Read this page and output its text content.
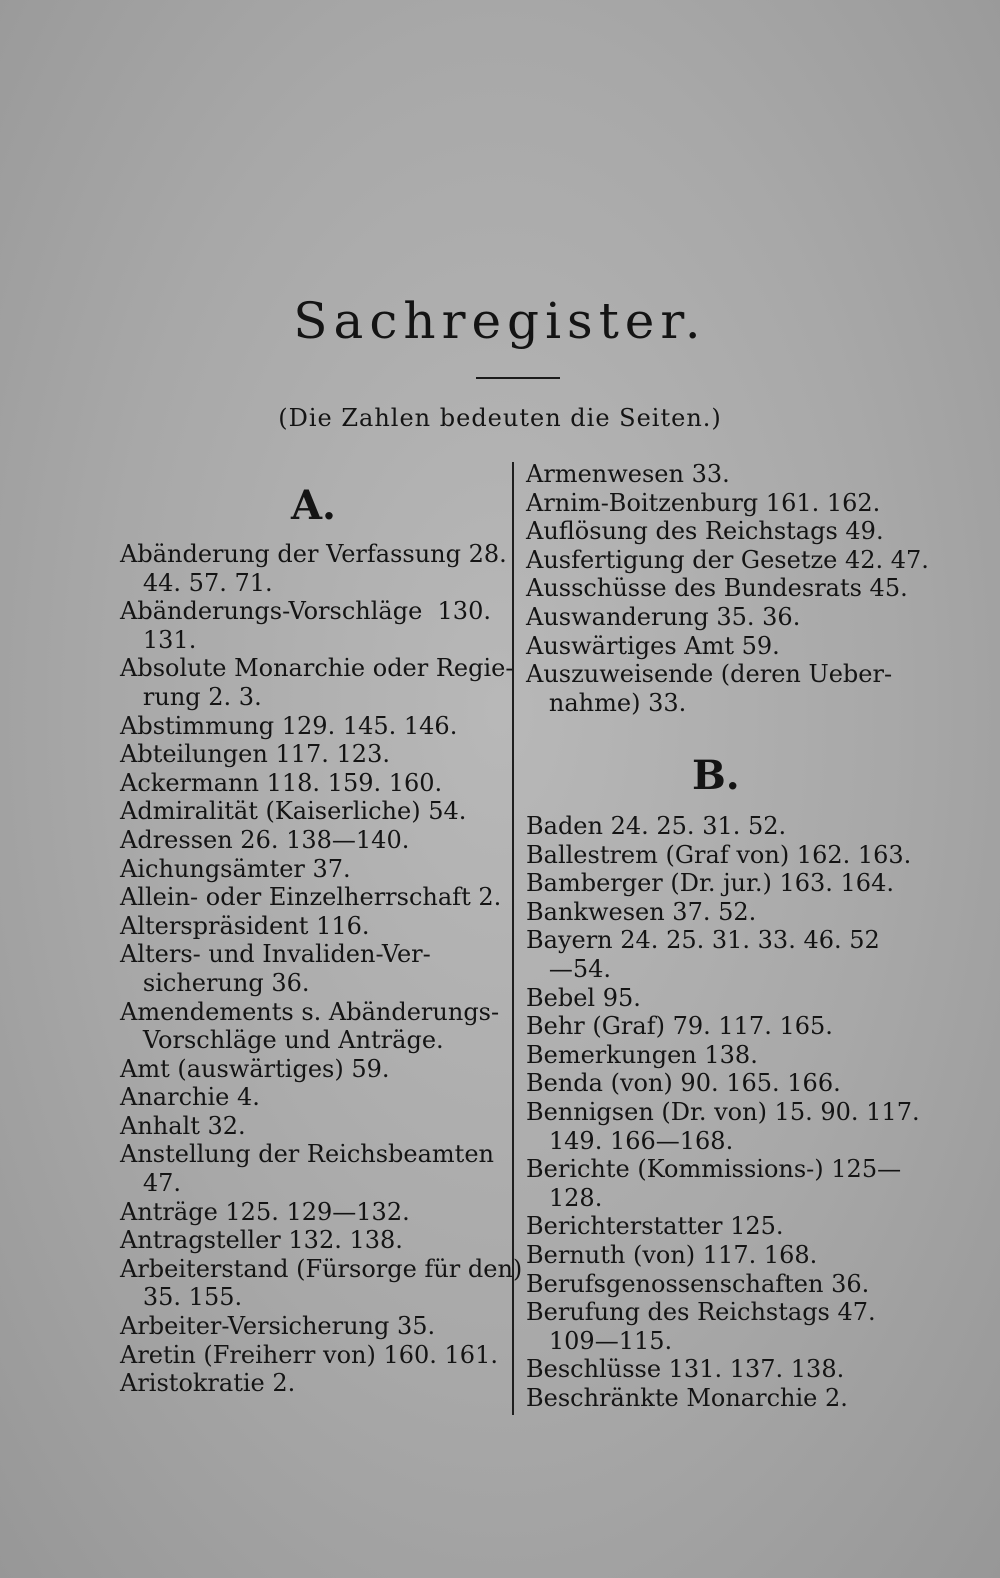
Sachregister.
(Die Zahlen bedeuten die Seiten.)
A.
B.
Abänderung der Verfassung 28.
44. 57. 71.
Abänderungs-Vorschläge  130.
131.
Absolute Monarchie oder Regie-
rung 2. 3.
Abstimmung 129. 145. 146.
Abteilungen 117. 123.
Ackermann 118. 159. 160.
Admiralität (Kaiserliche) 54.
Adressen 26. 138—140.
Aichungsämter 37.
Allein- oder Einzelherrschaft 2.
Alterspräsident 116.
Alters- und Invaliden-Ver-
sicherung 36.
Amendements s. Abänderungs-
Vorschläge und Anträge.
Amt (auswärtiges) 59.
Anarchie 4.
Anhalt 32.
Anstellung der Reichsbeamten
47.
Anträge 125. 129—132.
Antragsteller 132. 138.
Arbeiterstand (Fürsorge für den)
35. 155.
Arbeiter-Versicherung 35.
Aretin (Freiherr von) 160. 161.
Aristokratie 2.
Armenwesen 33.
Arnim-Boitzenburg 161. 162.
Auflösung des Reichstags 49.
Ausfertigung der Gesetze 42. 47.
Ausschüsse des Bundesrats 45.
Auswanderung 35. 36.
Auswärtiges Amt 59.
Auszuweisende (deren Ueber-
nahme) 33.
Baden 24. 25. 31. 52.
Ballestrem (Graf von) 162. 163.
Bamberger (Dr. jur.) 163. 164.
Bankwesen 37. 52.
Bayern 24. 25. 31. 33. 46. 52
—54.
Bebel 95.
Behr (Graf) 79. 117. 165.
Bemerkungen 138.
Benda (von) 90. 165. 166.
Bennigsen (Dr. von) 15. 90. 117.
149. 166—168.
Berichte (Kommissions-) 125—
128.
Berichterstatter 125.
Bernuth (von) 117. 168.
Berufsgenossenschaften 36.
Berufung des Reichstags 47.
109—115.
Beschlüsse 131. 137. 138.
Beschränkte Monarchie 2.
